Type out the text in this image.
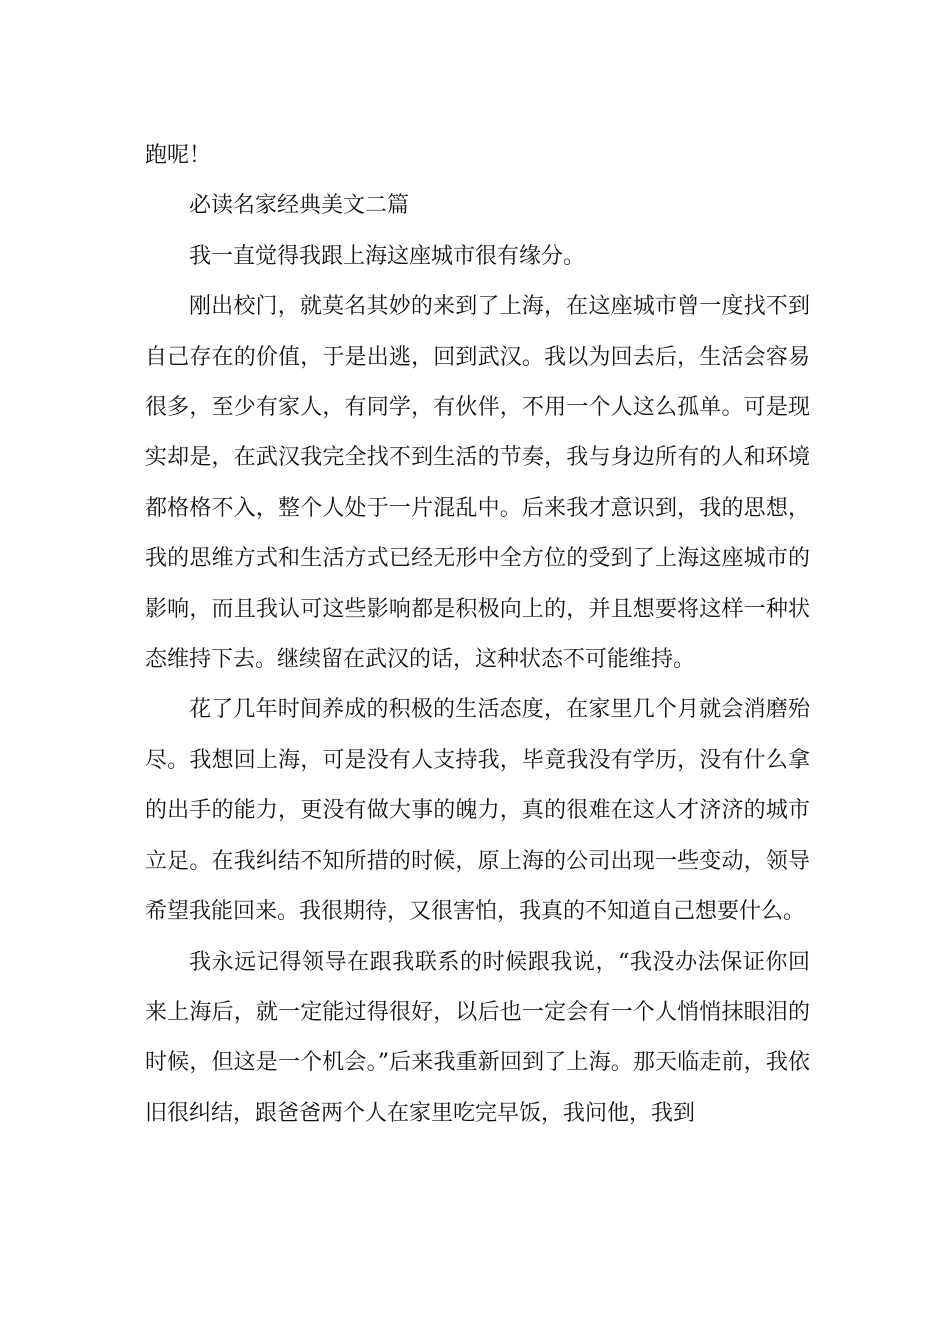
跑呢！

必读名家经典美文二篇

我一直觉得我跟上海这座城市很有缘分。

刚出校门，就莫名其妙的来到了上海，在这座城市曾一度找不到自己存在的价值，于是出逃，回到武汉。我以为回去后，生活会容易很多，至少有家人，有同学，有伙伴，不用一个人这么孤单。可是现实却是，在武汉我完全找不到生活的节奏，我与身边所有的人和环境都格格不入，整个人处于一片混乱中。后来我才意识到，我的思想，我的思维方式和生活方式已经无形中全方位的受到了上海这座城市的影响，而且我认可这些影响都是积极向上的，并且想要将这样一种状态维持下去。继续留在武汉的话，这种状态不可能维持。

花了几年时间养成的积极的生活态度，在家里几个月就会消磨殆尽。我想回上海，可是没有人支持我，毕竟我没有学历，没有什么拿的出手的能力，更没有做大事的魄力，真的很难在这人才济济的城市立足。在我纠结不知所措的时候，原上海的公司出现一些变动，领导希望我能回来。我很期待，又很害怕，我真的不知道自己想要什么。

我永远记得领导在跟我联系的时候跟我说，“我没办法保证你回来上海后，就一定能过得很好，以后也一定会有一个人悄悄抹眼泪的时候，但这是一个机会。”后来我重新回到了上海。那天临走前，我依旧很纠结，跟爸爸两个人在家里吃完早饭，我问他，我到
